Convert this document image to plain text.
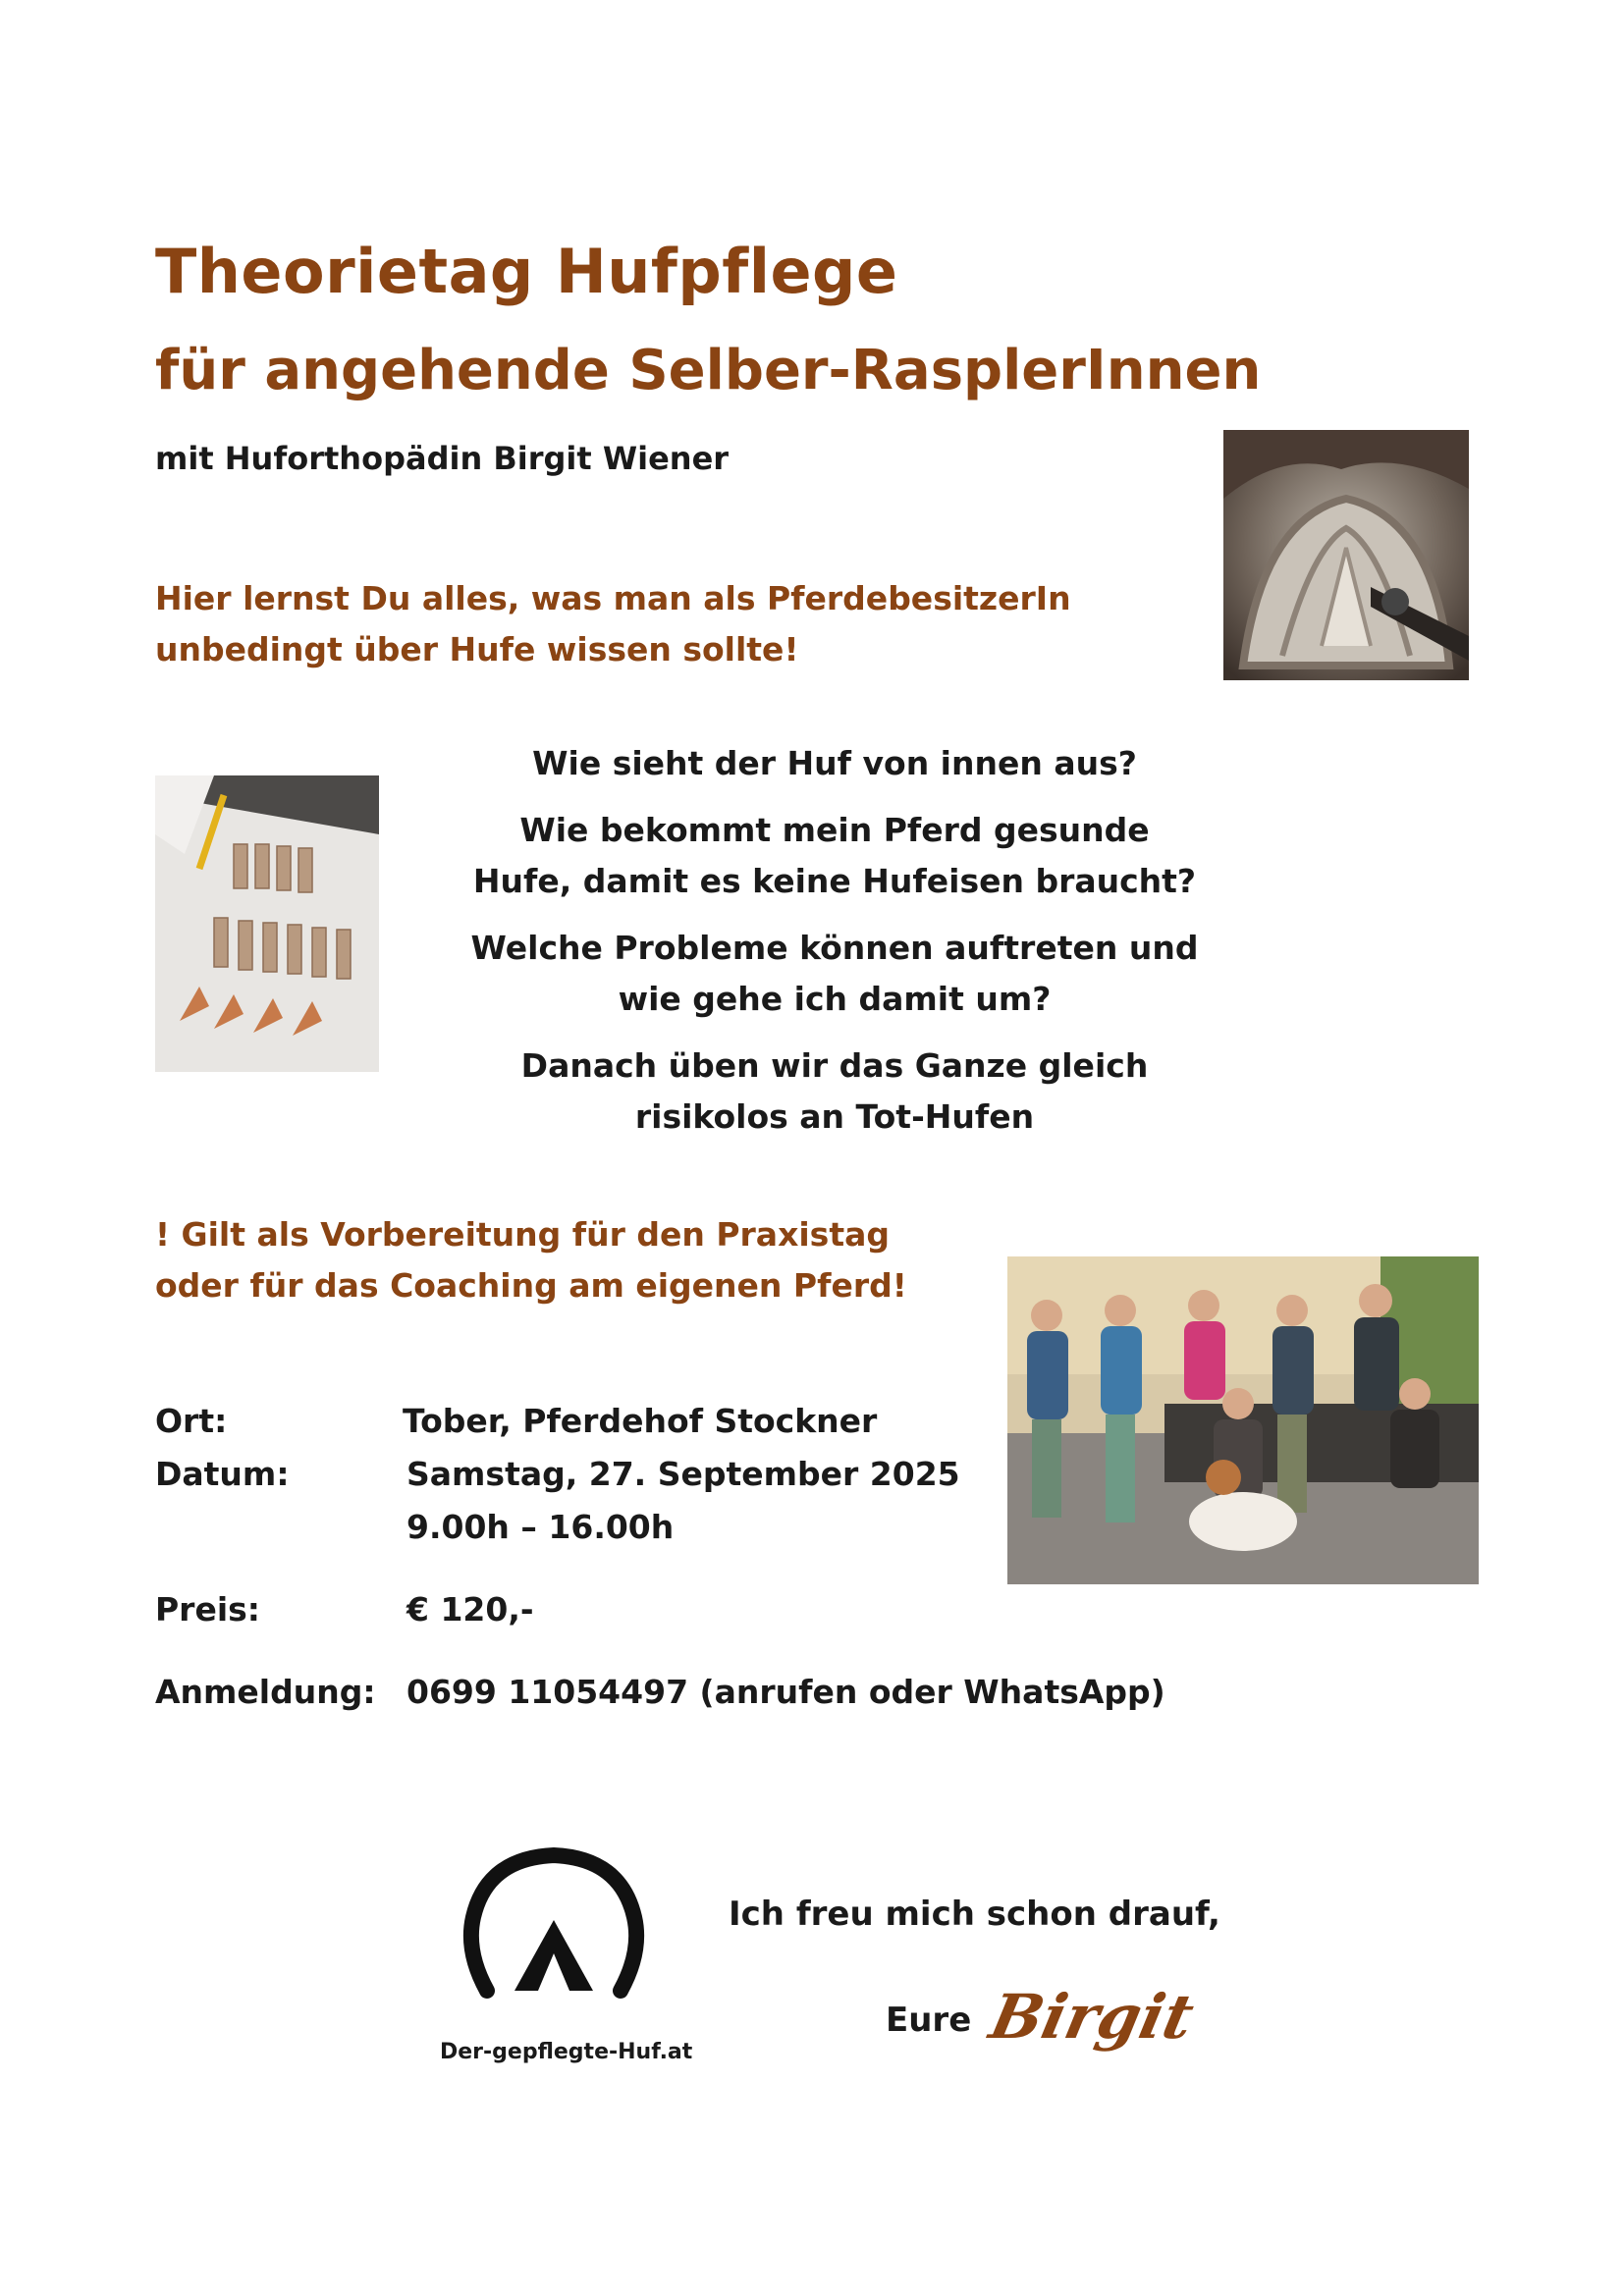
Theorietag Hufpflege
für angehende Selber-RasplerInnen
mit Huforthopädin Birgit Wiener
Hier lernst Du alles, was man als PferdebesitzerIn
unbedingt über Hufe wissen sollte!

Wie sieht der Huf von innen aus?

Wie bekommt mein Pferd gesunde
Hufe, damit es keine Hufeisen braucht?

Welche Probleme können auftreten und
wie gehe ich damit um?

Danach üben wir das Ganze gleich
risikolos an Tot-Hufen

! Gilt als Vorbereitung für den Praxistag
oder für das Coaching am eigenen Pferd!
Ort:	Tober, Pferdehof Stockner
Datum:	Samstag, 27. September 2025
9.00h – 16.00h
Preis:	€ 120,-
Anmeldung: 0699 11054497 (anrufen oder WhatsApp)
Der-gepflegte-Huf.at
Ich freu mich schon drauf,
Eure Birgit
